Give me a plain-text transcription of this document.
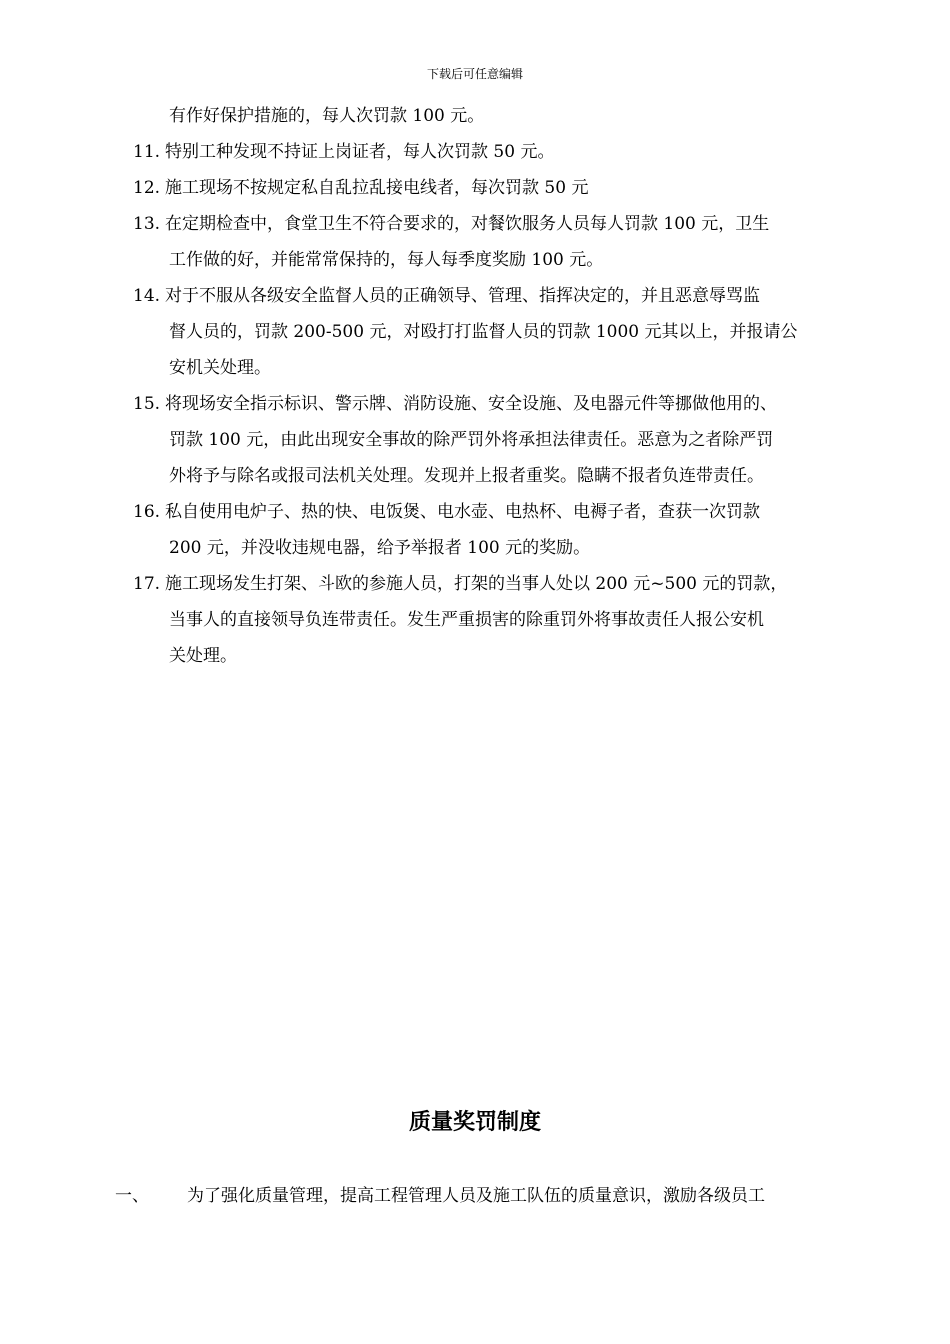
下载后可任意编辑
有作好保护措施的，每人次罚款 100 元。
11. 特别工种发现不持证上岗证者，每人次罚款 50 元。
12. 施工现场不按规定私自乱拉乱接电线者，每次罚款 50 元
13. 在定期检查中，食堂卫生不符合要求的，对餐饮服务人员每人罚款 100 元，卫生
工作做的好，并能常常保持的，每人每季度奖励 100 元。
14. 对于不服从各级安全监督人员的正确领导、管理、指挥决定的，并且恶意辱骂监
督人员的，罚款 200-500 元，对殴打打监督人员的罚款 1000 元其以上，并报请公
安机关处理。
15. 将现场安全指示标识、警示牌、消防设施、安全设施、及电器元件等挪做他用的、
罚款 100 元，由此出现安全事故的除严罚外将承担法律责任。恶意为之者除严罚
外将予与除名或报司法机关处理。发现并上报者重奖。隐瞒不报者负连带责任。
16. 私自使用电炉子、热的快、电饭煲、电水壶、电热杯、电褥子者，查获一次罚款
200 元，并没收违规电器，给予举报者 100 元的奖励。
17. 施工现场发生打架、斗欧的参施人员，打架的当事人处以 200 元~500 元的罚款，
当事人的直接领导负连带责任。发生严重损害的除重罚外将事故责任人报公安机
关处理。
质量奖罚制度
一、 为了强化质量管理，提高工程管理人员及施工队伍的质量意识，激励各级员工
